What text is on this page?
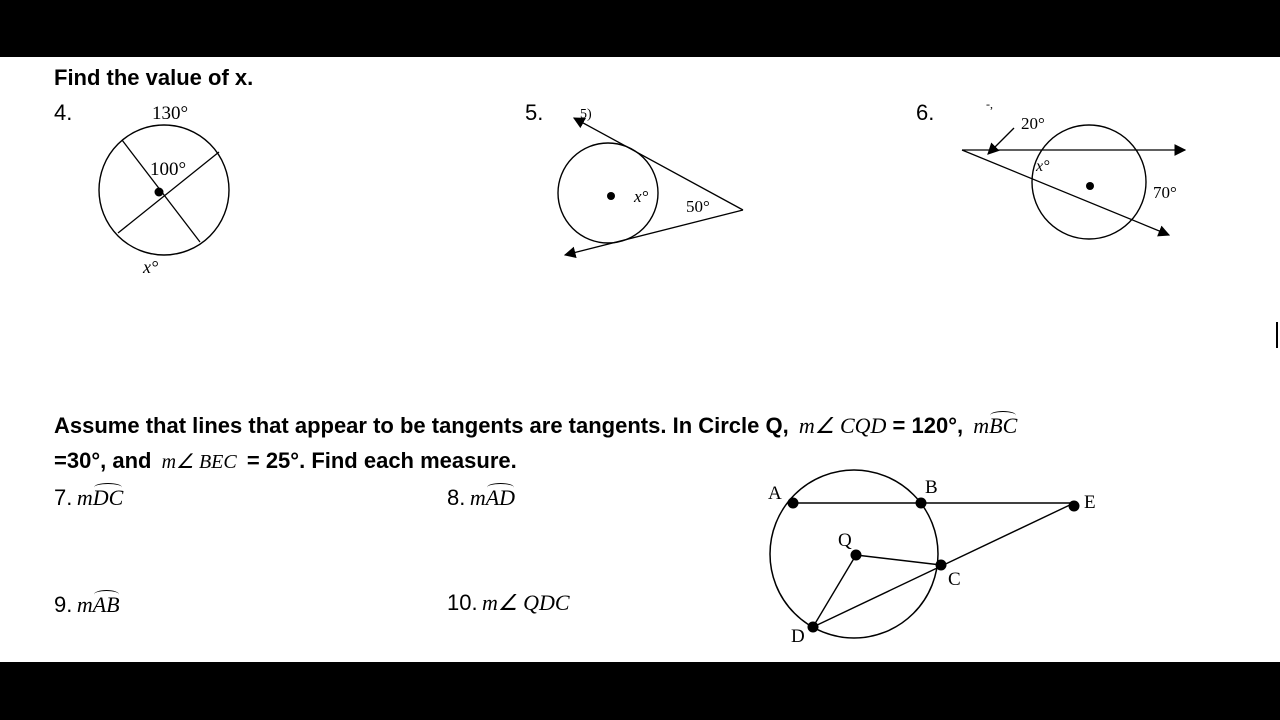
Find the value of x.
4.	5.	6.
130°
100°
x°
5)
x°
50°
-,
20°
x°
70°
A	B
E
Q
C
D
Assume that lines that appear to be tangents are tangents. In Circle Q, m∠ CQD = 120°, mBC
=30°, and m∠ BEC = 25°. Find each measure.
7. mDC	8. mAD
9. mAB	10. m∠ QDC
